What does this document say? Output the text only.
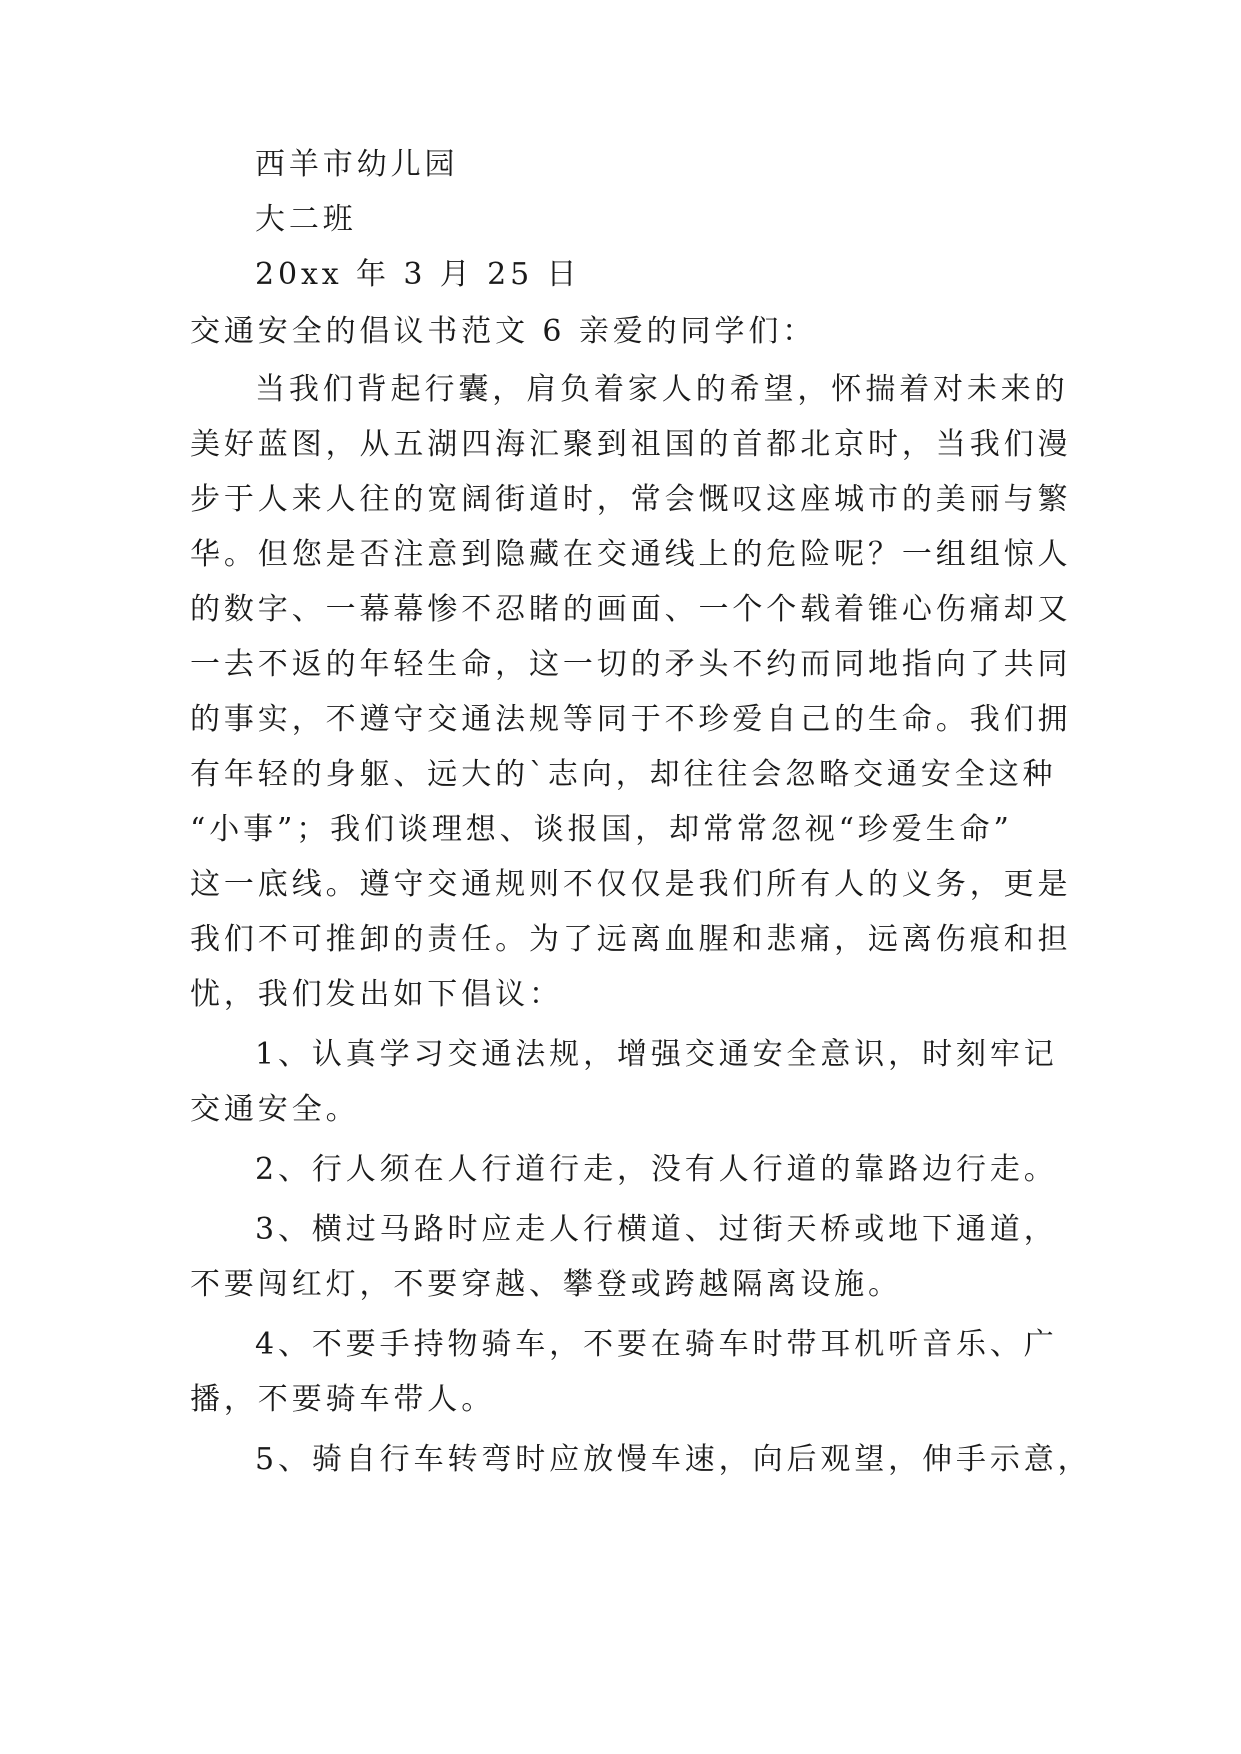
西羊市幼儿园

大二班

20xx 年 3 月 25 日

交通安全的倡议书范文 6 亲爱的同学们：

当我们背起行囊，肩负着家人的希望，怀揣着对未来的

美好蓝图，从五湖四海汇聚到祖国的首都北京时，当我们漫

步于人来人往的宽阔街道时，常会慨叹这座城市的美丽与繁

华。但您是否注意到隐藏在交通线上的危险呢？一组组惊人

的数字、一幕幕惨不忍睹的画面、一个个载着锥心伤痛却又

一去不返的年轻生命，这一切的矛头不约而同地指向了共同

的事实，不遵守交通法规等同于不珍爱自己的生命。我们拥

有年轻的身躯、远大的`志向，却往往会忽略交通安全这种

“小事”；我们谈理想、谈报国，却常常忽视“珍爱生命”

这一底线。遵守交通规则不仅仅是我们所有人的义务，更是

我们不可推卸的责任。为了远离血腥和悲痛，远离伤痕和担

忧，我们发出如下倡议：

1、认真学习交通法规，增强交通安全意识，时刻牢记

交通安全。

2、行人须在人行道行走，没有人行道的靠路边行走。

3、横过马路时应走人行横道、过街天桥或地下通道，

不要闯红灯，不要穿越、攀登或跨越隔离设施。

4、不要手持物骑车，不要在骑车时带耳机听音乐、广

播，不要骑车带人。

5、骑自行车转弯时应放慢车速，向后观望，伸手示意，
